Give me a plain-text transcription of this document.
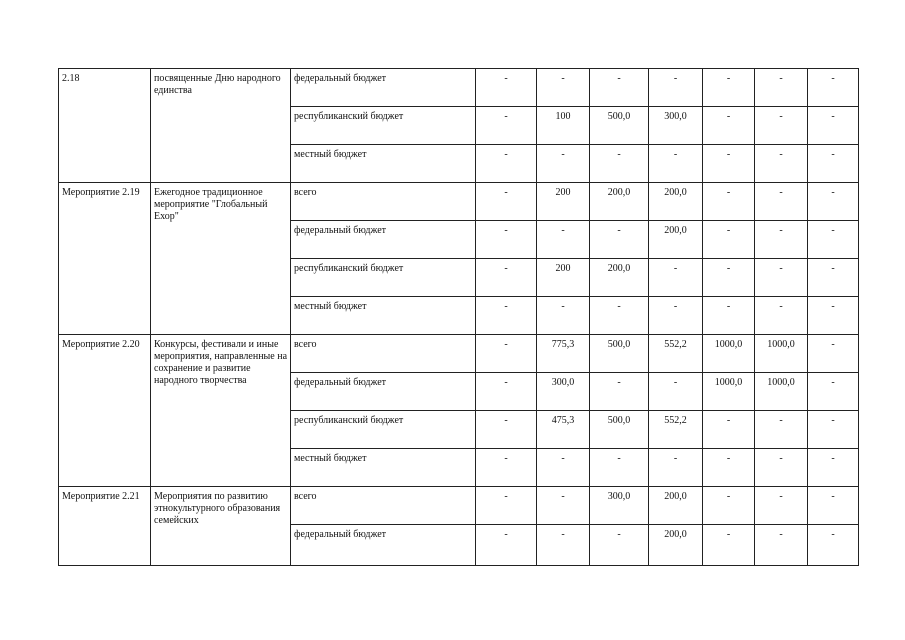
2.18	посвященные Дню народного единства	федеральный бюджет	-	-	-	-	-	-	-
		республиканский бюджет	-	100	500,0	300,0	-	-	-
		местный бюджет	-	-	-	-	-	-	-
Мероприятие 2.19	Ежегодное традиционное мероприятие "Глобальный Ехор"	всего	-	200	200,0	200,0	-	-	-
		федеральный бюджет	-	-	-	200,0	-	-	-
		республиканский бюджет	-	200	200,0	-	-	-	-
		местный бюджет	-	-	-	-	-	-	-
Мероприятие 2.20	Конкурсы, фестивали и иные мероприятия, направленные на сохранение и развитие народного творчества	всего	-	775,3	500,0	552,2	1000,0	1000,0	-
		федеральный бюджет	-	300,0	-	-	1000,0	1000,0	-
		республиканский бюджет	-	475,3	500,0	552,2	-	-	-
		местный бюджет	-	-	-	-	-	-	-
Мероприятие 2.21	Мероприятия по развитию этнокультурного образования семейских	всего	-	-	300,0	200,0	-	-	-
		федеральный бюджет	-	-	-	200,0	-	-	-
